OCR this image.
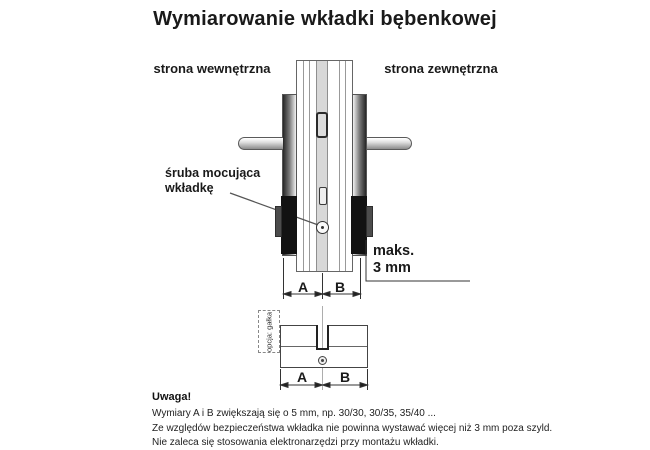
Wymiarowanie wkładki bębenkowej
strona wewnętrzna	strona zewnętrzna
śruba mocująca
wkładkę
maks.
3 mm
A B
opcja: gałka
A B
Uwaga!

Wymiary A i B zwiększają się o 5 mm, np. 30/30, 30/35, 35/40 ...

Ze względów bezpieczeństwa wkładka nie powinna wystawać więcej niż 3 mm poza szyld.

Nie zaleca się stosowania elektronarzędzi przy montażu wkładki.
